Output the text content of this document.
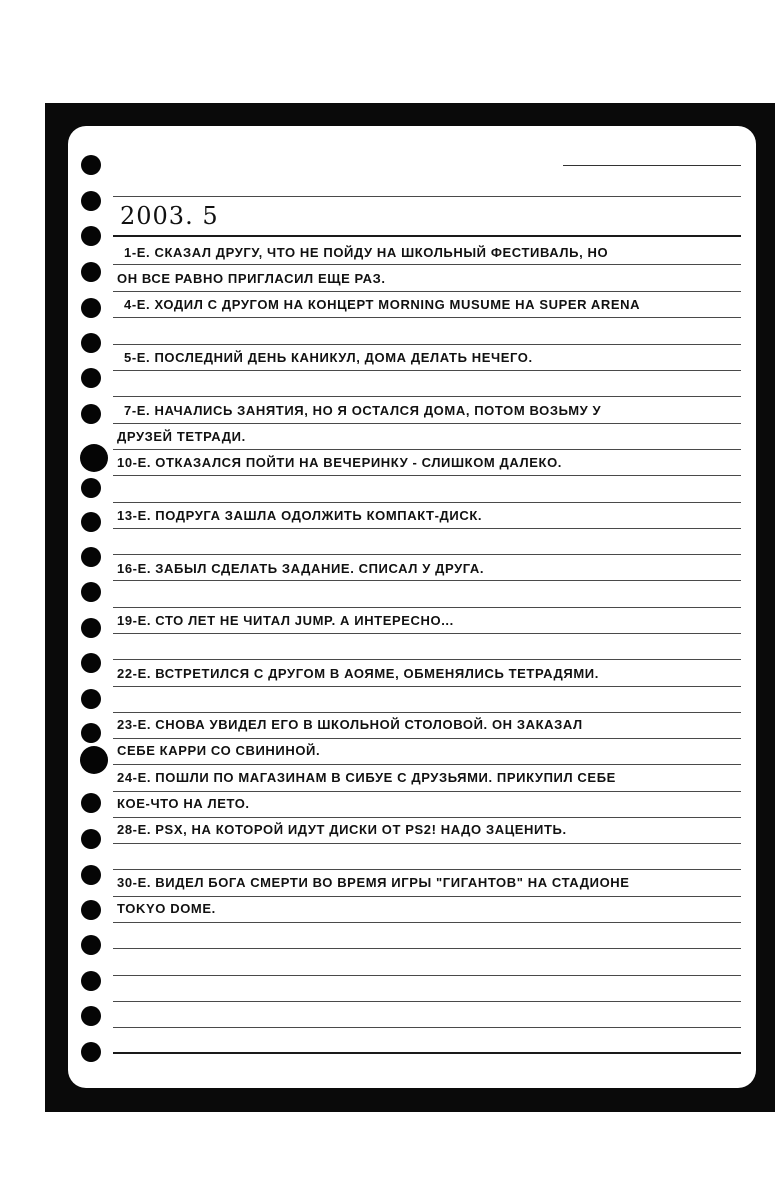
2003. 5
1-Е. СКАЗАЛ ДРУГУ, ЧТО НЕ ПОЙДУ НА ШКОЛЬНЫЙ ФЕСТИВАЛЬ, НО
ОН ВСЕ РАВНО ПРИГЛАСИЛ ЕЩЕ РАЗ.
4-Е. ХОДИЛ С ДРУГОМ НА КОНЦЕРТ MORNING MUSUME НА SUPER ARENA
5-Е. ПОСЛЕДНИЙ ДЕНЬ КАНИКУЛ, ДОМА ДЕЛАТЬ НЕЧЕГО.
7-Е. НАЧАЛИСЬ ЗАНЯТИЯ, НО Я ОСТАЛСЯ ДОМА, ПОТОМ ВОЗЬМУ У
ДРУЗЕЙ ТЕТРАДИ.
10-Е. ОТКАЗАЛСЯ ПОЙТИ НА ВЕЧЕРИНКУ - СЛИШКОМ ДАЛЕКО.
13-Е. ПОДРУГА ЗАШЛА ОДОЛЖИТЬ КОМПАКТ-ДИСК.
16-Е. ЗАБЫЛ СДЕЛАТЬ ЗАДАНИЕ. СПИСАЛ У ДРУГА.
19-Е. СТО ЛЕТ НЕ ЧИТАЛ JUMP. А ИНТЕРЕСНО...
22-Е. ВСТРЕТИЛСЯ С ДРУГОМ В АОЯМЕ, ОБМЕНЯЛИСЬ ТЕТРАДЯМИ.
23-Е. СНОВА УВИДЕЛ ЕГО В ШКОЛЬНОЙ СТОЛОВОЙ. ОН ЗАКАЗАЛ
СЕБЕ КАРРИ СО СВИНИНОЙ.
24-Е. ПОШЛИ ПО МАГАЗИНАМ В СИБУЕ С ДРУЗЬЯМИ. ПРИКУПИЛ СЕБЕ
КОЕ-ЧТО НА ЛЕТО.
28-Е. PSX, НА КОТОРОЙ ИДУТ ДИСКИ ОТ PS2! НАДО ЗАЦЕНИТЬ.
30-Е. ВИДЕЛ БОГА СМЕРТИ ВО ВРЕМЯ ИГРЫ "ГИГАНТОВ" НА СТАДИОНЕ
TOKYO DOME.
